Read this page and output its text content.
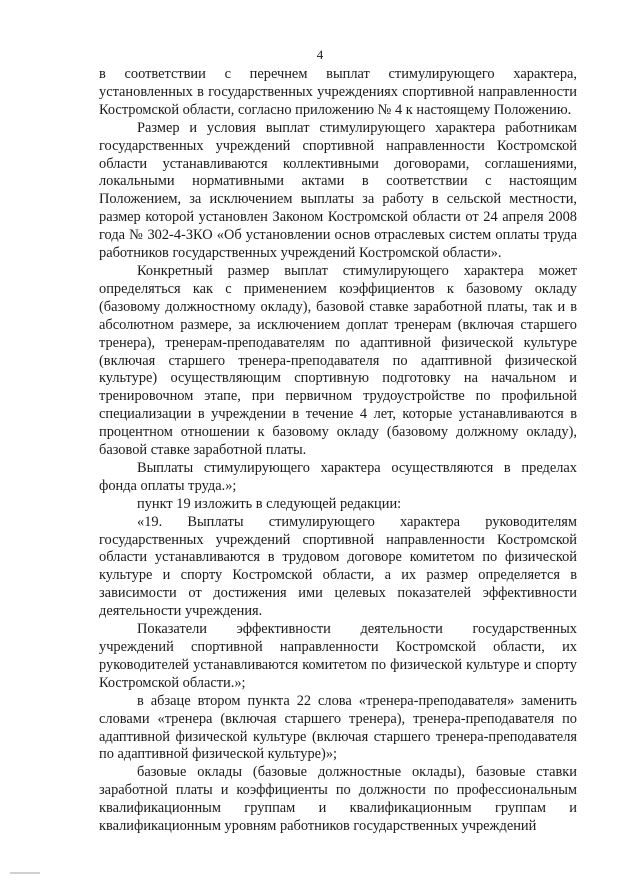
4

в соответствии с перечнем выплат стимулирующего характера, установленных в государственных учреждениях спортивной направленности Костромской области, согласно приложению № 4 к настоящему Положению.

Размер и условия выплат стимулирующего характера работникам государственных учреждений спортивной направленности Костромской области устанавливаются коллективными договорами, соглашениями, локальными нормативными актами в соответствии с настоящим Положением, за исключением выплаты за работу в сельской местности, размер которой установлен Законом Костромской области от 24 апреля 2008 года № 302-4-ЗКО «Об установлении основ отраслевых систем оплаты труда работников государственных учреждений Костромской области».

Конкретный размер выплат стимулирующего характера может определяться как с применением коэффициентов к базовому окладу (базовому должностному окладу), базовой ставке заработной платы, так и в абсолютном размере, за исключением доплат тренерам (включая старшего тренера), тренерам-преподавателям по адаптивной физической культуре (включая старшего тренера-преподавателя по адаптивной физической культуре) осуществляющим спортивную подготовку на начальном и тренировочном этапе, при первичном трудоустройстве по профильной специализации в учреждении в течение 4 лет, которые устанавливаются в процентном отношении к базовому окладу (базовому должному окладу), базовой ставке заработной платы.

Выплаты стимулирующего характера осуществляются в пределах фонда оплаты труда.»;

пункт 19 изложить в следующей редакции:

«19. Выплаты стимулирующего характера руководителям государственных учреждений спортивной направленности Костромской области устанавливаются в трудовом договоре комитетом по физической культуре и спорту Костромской области, а их размер определяется в зависимости от достижения ими целевых показателей эффективности деятельности учреждения.

Показатели эффективности деятельности государственных учреждений спортивной направленности Костромской области, их руководителей устанавливаются комитетом по физической культуре и спорту Костромской области.»;

в абзаце втором пункта 22 слова «тренера-преподавателя» заменить словами «тренера (включая старшего тренера), тренера-преподавателя по адаптивной физической культуре (включая старшего тренера-преподавателя по адаптивной физической культуре)»;

базовые оклады (базовые должностные оклады), базовые ставки заработной платы и коэффициенты по должности по профессиональным квалификационным группам и квалификационным группам и квалификационным уровням работников государственных учреждений
